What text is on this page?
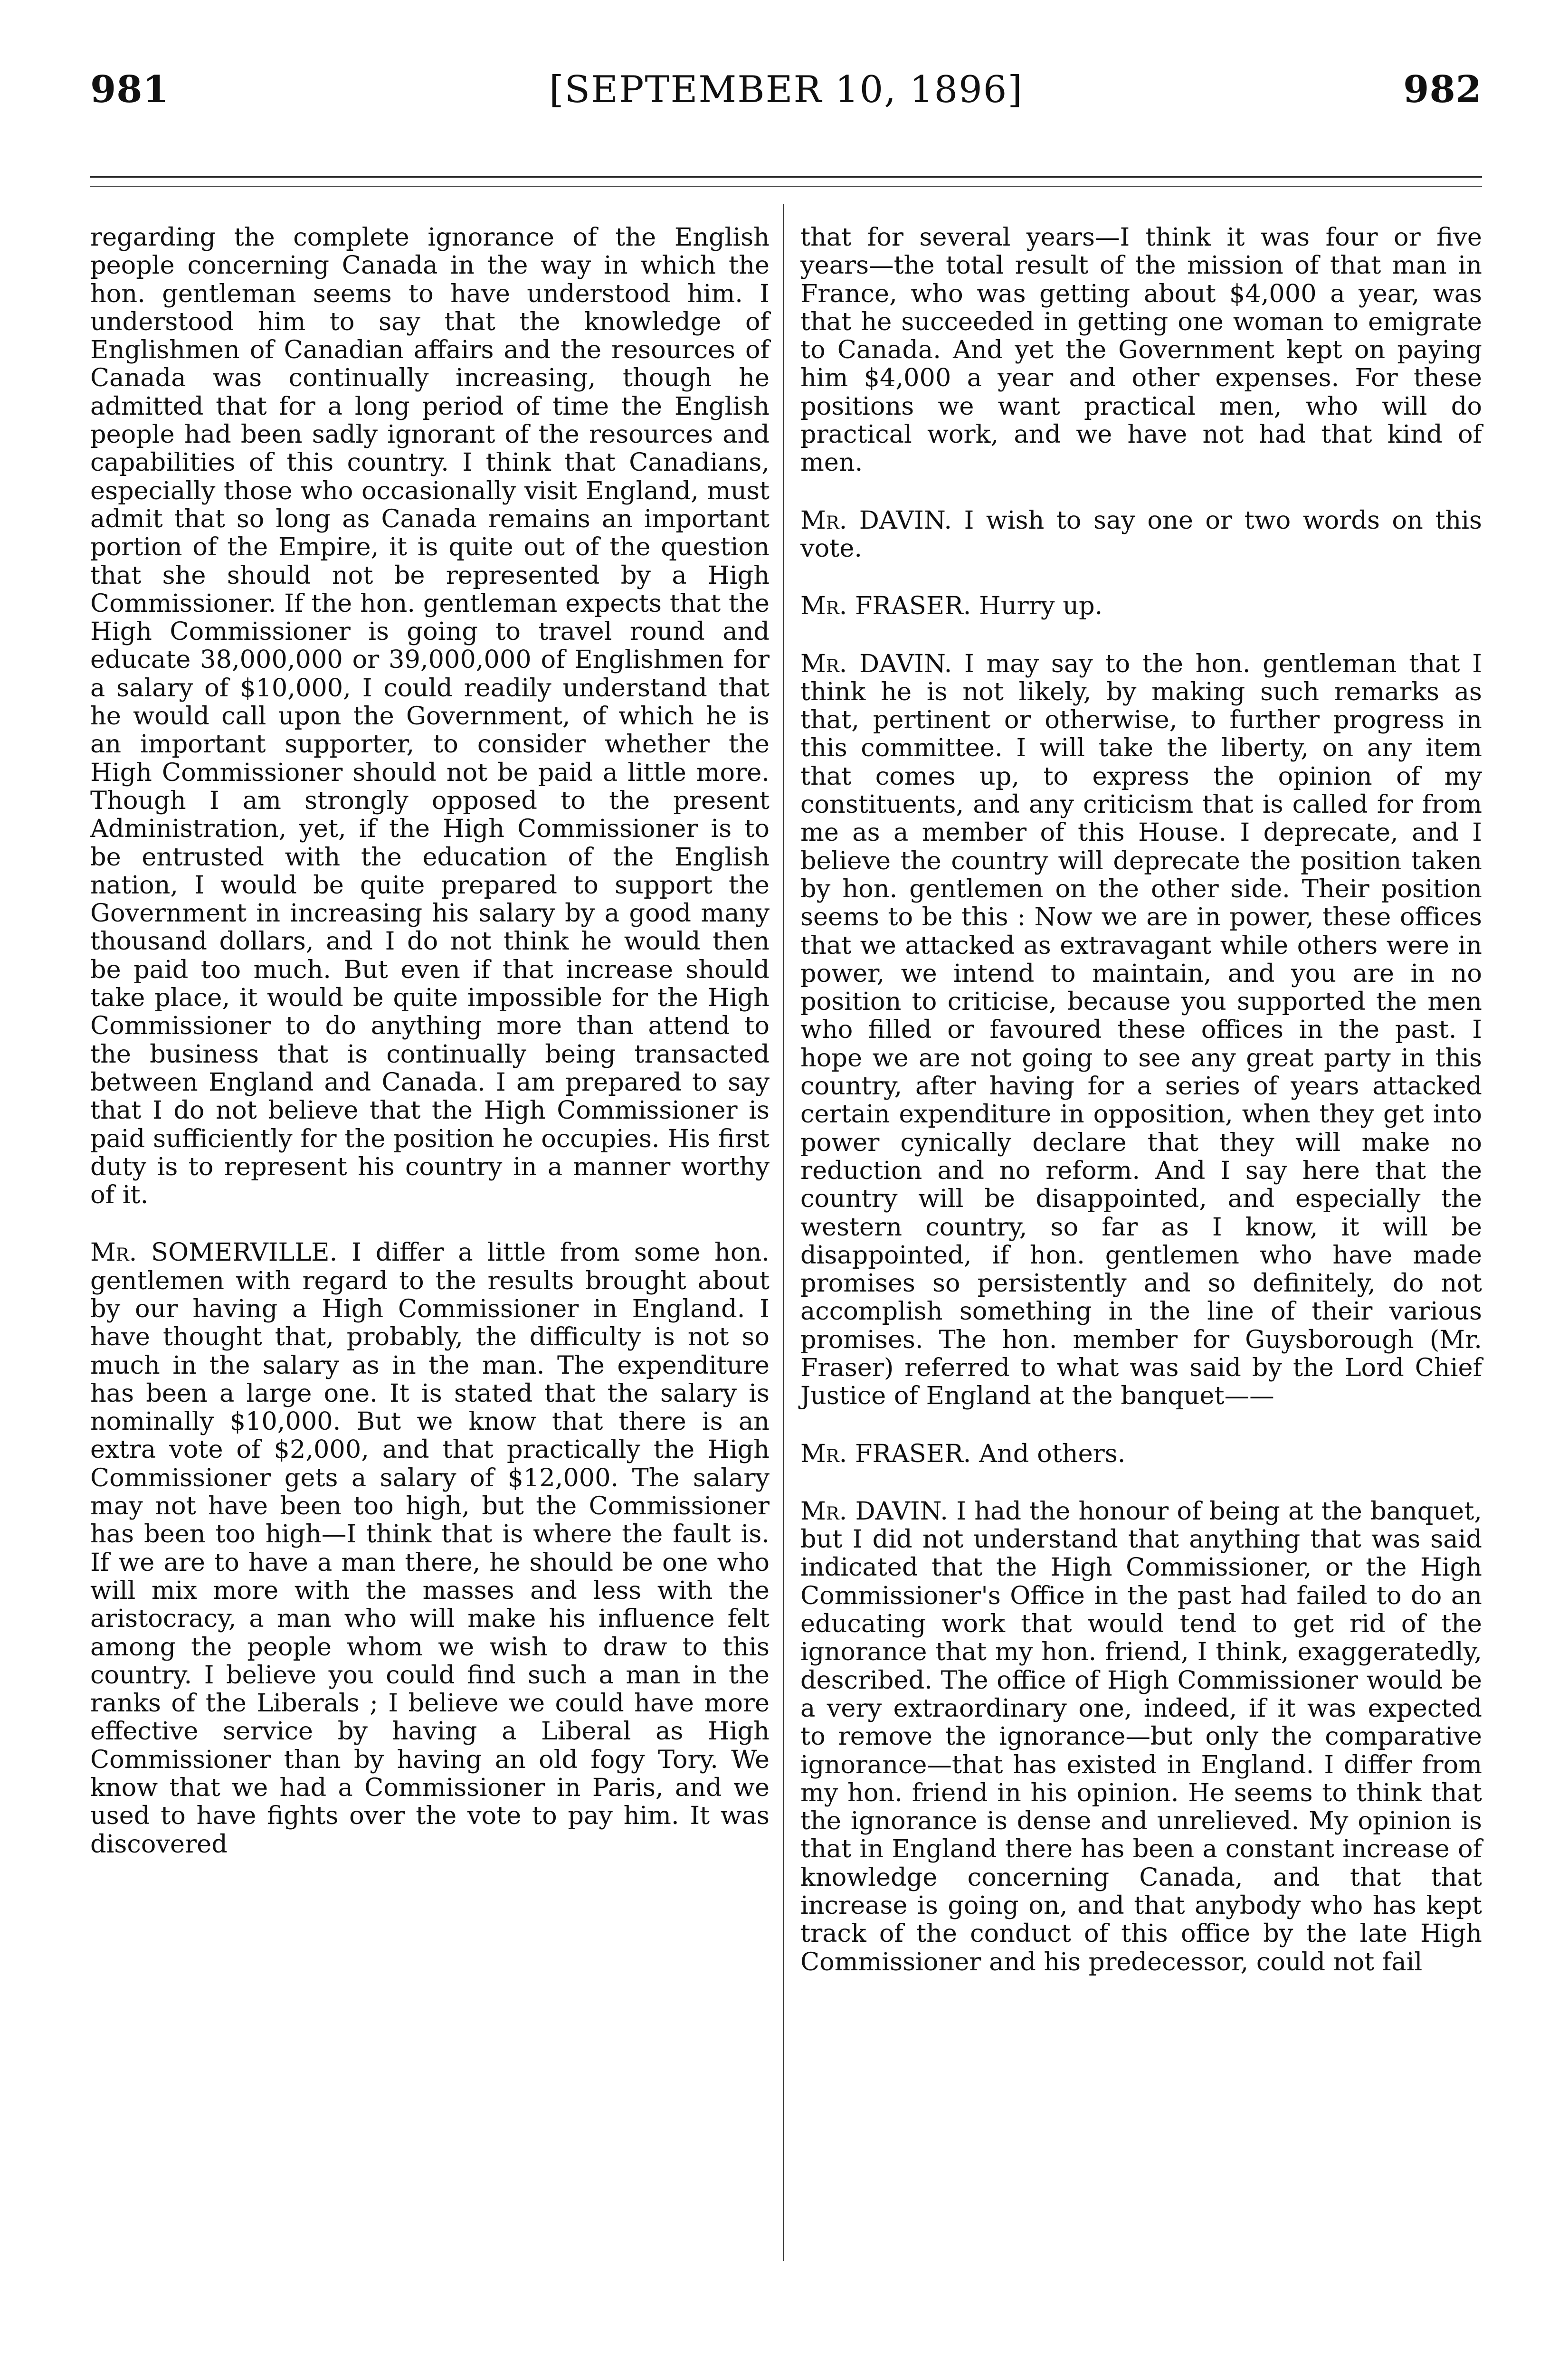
981	[SEPTEMBER 10, 1896]	982

regarding the complete ignorance of the English people concerning Canada in the way in which the hon. gentleman seems to have understood him. I understood him to say that the knowledge of Englishmen of Canadian affairs and the resources of Canada was continually increasing, though he admitted that for a long period of time the English people had been sadly ignorant of the resources and capabilities of this country. I think that Canadians, especially those who occasionally visit England, must admit that so long as Canada remains an important portion of the Empire, it is quite out of the question that she should not be represented by a High Commissioner. If the hon. gentleman expects that the High Commissioner is going to travel round and educate 38,000,000 or 39,000,000 of Englishmen for a salary of $10,000, I could readily understand that he would call upon the Government, of which he is an important supporter, to consider whether the High Commissioner should not be paid a little more. Though I am strongly opposed to the present Administration, yet, if the High Commissioner is to be entrusted with the education of the English nation, I would be quite prepared to support the Government in increasing his salary by a good many thousand dollars, and I do not think he would then be paid too much. But even if that increase should take place, it would be quite impossible for the High Commissioner to do anything more than attend to the business that is continually being transacted between England and Canada. I am prepared to say that I do not believe that the High Commissioner is paid sufficiently for the position he occupies. His first duty is to represent his country in a manner worthy of it.

Mr. SOMERVILLE. I differ a little from some hon. gentlemen with regard to the results brought about by our having a High Commissioner in England. I have thought that, probably, the difficulty is not so much in the salary as in the man. The expenditure has been a large one. It is stated that the salary is nominally $10,000. But we know that there is an extra vote of $2,000, and that practically the High Commissioner gets a salary of $12,000. The salary may not have been too high, but the Commissioner has been too high—I think that is where the fault is. If we are to have a man there, he should be one who will mix more with the masses and less with the aristocracy, a man who will make his influence felt among the people whom we wish to draw to this country. I believe you could find such a man in the ranks of the Liberals ; I believe we could have more effective service by having a Liberal as High Commissioner than by having an old fogy Tory. We know that we had a Commissioner in Paris, and we used to have fights over the vote to pay him. It was discovered

that for several years—I think it was four or five years—the total result of the mission of that man in France, who was getting about $4,000 a year, was that he succeeded in getting one woman to emigrate to Canada. And yet the Government kept on paying him $4,000 a year and other expenses. For these positions we want practical men, who will do practical work, and we have not had that kind of men.

Mr. DAVIN. I wish to say one or two words on this vote.

Mr. FRASER. Hurry up.

Mr. DAVIN. I may say to the hon. gentleman that I think he is not likely, by making such remarks as that, pertinent or otherwise, to further progress in this committee. I will take the liberty, on any item that comes up, to express the opinion of my constituents, and any criticism that is called for from me as a member of this House. I deprecate, and I believe the country will deprecate the position taken by hon. gentlemen on the other side. Their position seems to be this : Now we are in power, these offices that we attacked as extravagant while others were in power, we intend to maintain, and you are in no position to criticise, because you supported the men who filled or favoured these offices in the past. I hope we are not going to see any great party in this country, after having for a series of years attacked certain expenditure in opposition, when they get into power cynically declare that they will make no reduction and no reform. And I say here that the country will be disappointed, and especially the western country, so far as I know, it will be disappointed, if hon. gentlemen who have made promises so persistently and so definitely, do not accomplish something in the line of their various promises. The hon. member for Guysborough (Mr. Fraser) referred to what was said by the Lord Chief Justice of England at the banquet——

Mr. FRASER. And others.

Mr. DAVIN. I had the honour of being at the banquet, but I did not understand that anything that was said indicated that the High Commissioner, or the High Commissioner's Office in the past had failed to do an educating work that would tend to get rid of the ignorance that my hon. friend, I think, exaggeratedly, described. The office of High Commissioner would be a very extraordinary one, indeed, if it was expected to remove the ignorance—but only the comparative ignorance—that has existed in England. I differ from my hon. friend in his opinion. He seems to think that the ignorance is dense and unrelieved. My opinion is that in England there has been a constant increase of knowledge concerning Canada, and that that increase is going on, and that anybody who has kept track of the conduct of this office by the late High Commissioner and his predecessor, could not fail
